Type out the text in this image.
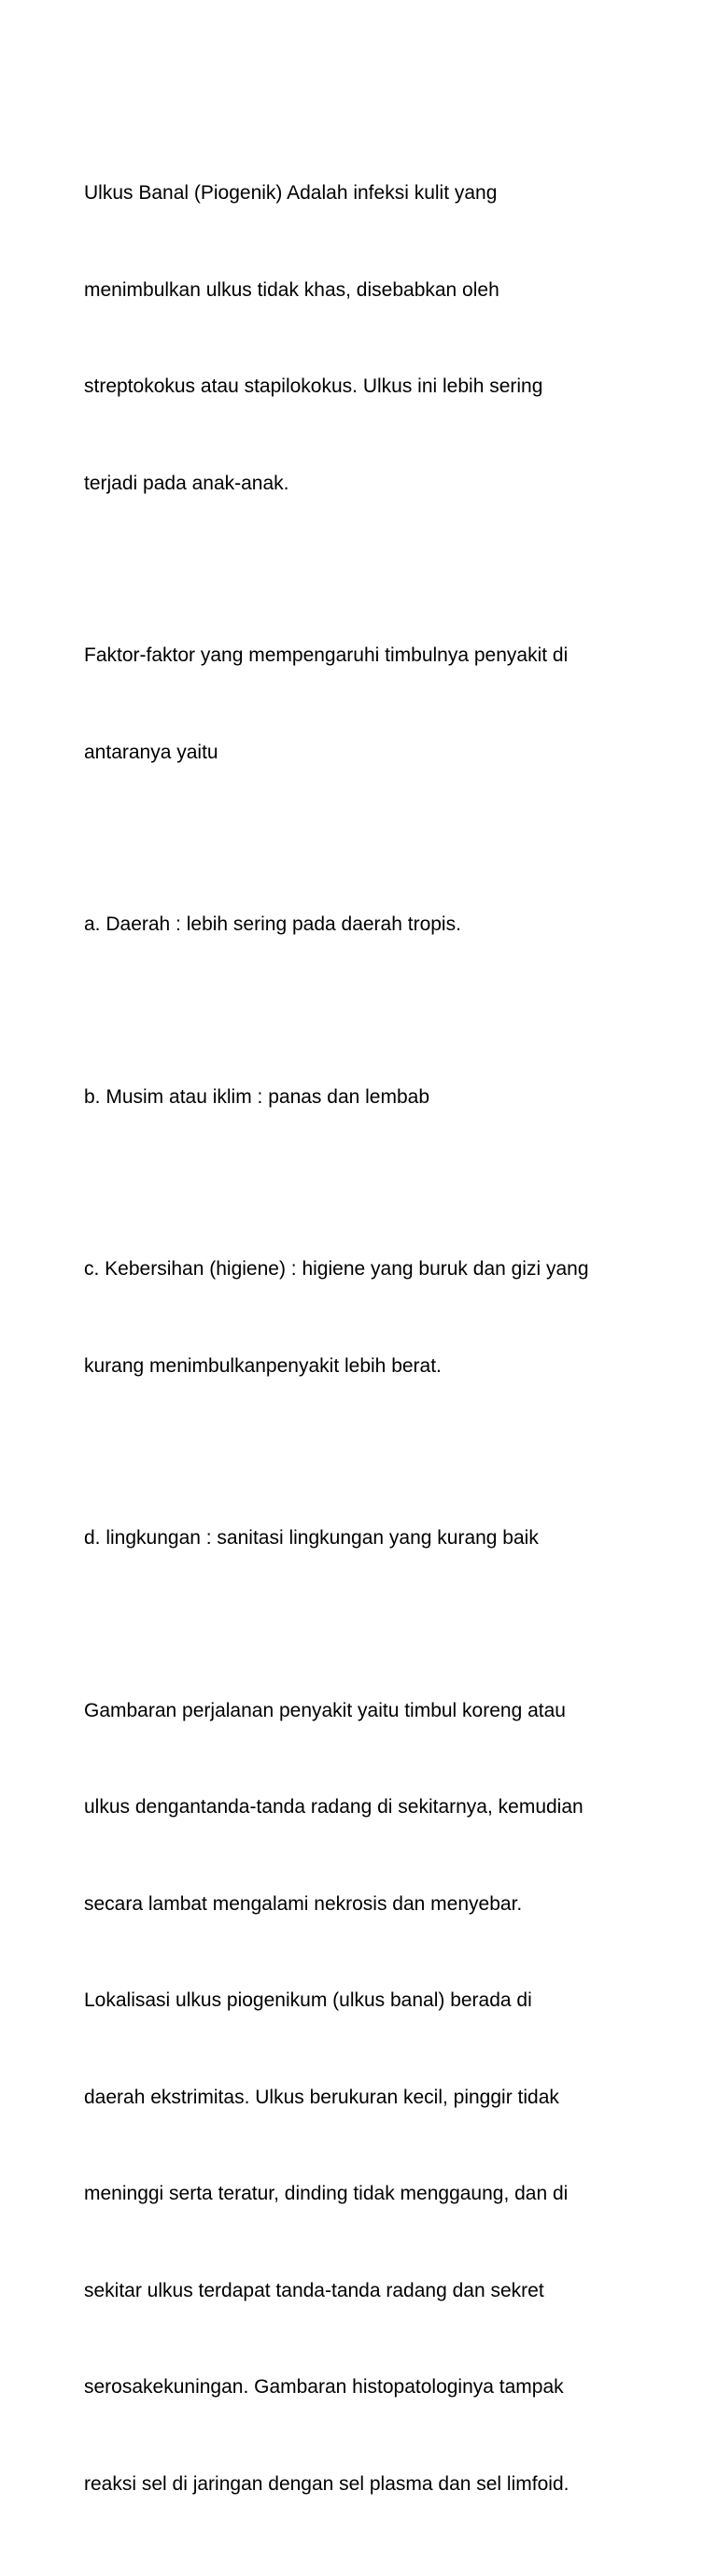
Ulkus Banal (Piogenik) Adalah infeksi kulit yang

menimbulkan ulkus tidak khas, disebabkan oleh

streptokokus atau stapilokokus. Ulkus ini lebih sering

terjadi pada anak-anak.

Faktor-faktor yang mempengaruhi timbulnya penyakit di

antaranya yaitu

a. Daerah : lebih sering pada daerah tropis.

b. Musim atau iklim : panas dan lembab

c. Kebersihan (higiene) : higiene yang buruk dan gizi yang

kurang menimbulkanpenyakit lebih berat.

d. lingkungan : sanitasi lingkungan yang kurang baik

Gambaran perjalanan penyakit yaitu timbul koreng atau

ulkus dengantanda-tanda radang di sekitarnya, kemudian

secara lambat mengalami nekrosis dan menyebar.

Lokalisasi ulkus piogenikum (ulkus banal) berada di

daerah ekstrimitas. Ulkus berukuran kecil, pinggir tidak

meninggi serta teratur, dinding tidak menggaung, dan di

sekitar ulkus terdapat tanda-tanda radang dan sekret

serosakekuningan. Gambaran histopatologinya tampak

reaksi sel di jaringan dengan sel plasma dan sel limfoid.
